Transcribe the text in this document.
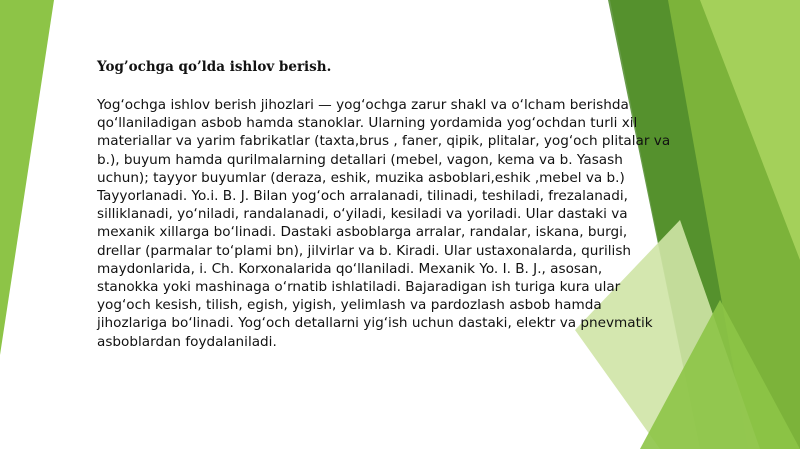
Yog’ochga qo’lda ishlov berish.

Yog‘ochga ishlov berish jihozlari — yog‘ochga zarur shakl va o‘lcham berishda
qo‘llaniladigan asbob hamda stanoklar. Ularning yordamida yog‘ochdan turli xil
materiallar va yarim fabrikatlar (taxta,brus , faner, qipik, plitalar, yog‘och plitalar va
b.), buyum hamda qurilmalarning detallari (mebel, vagon, kema va b. Yasash
uchun); tayyor buyumlar (deraza, eshik, muzika asboblari,eshik ,mebel va b.)
Tayyorlanadi. Yo.i. B. J. Bilan yog‘och arralanadi, tilinadi, teshiladi, frezalanadi,
silliklanadi, yo‘niladi, randalanadi, o‘yiladi, kesiladi va yoriladi. Ular dastaki va
mexanik xillarga bo‘linadi. Dastaki asboblarga arralar, randalar, iskana, burgi,
drellar (parmalar to‘plami bn), jilvirlar va b. Kiradi. Ular ustaxonalarda, qurilish
maydonlarida, i. Ch. Korxonalarida qo‘llaniladi. Mexanik Yo. I. B. J., asosan,
stanokka yoki mashinaga o‘rnatib ishlatiladi. Bajaradigan ish turiga kura ular
yog‘och kesish, tilish, egish, yigish, yelimlash va pardozlash asbob hamda
jihozlariga bo‘linadi. Yog‘och detallarni yig‘ish uchun dastaki, elektr va pnevmatik
asboblardan foydalaniladi.
